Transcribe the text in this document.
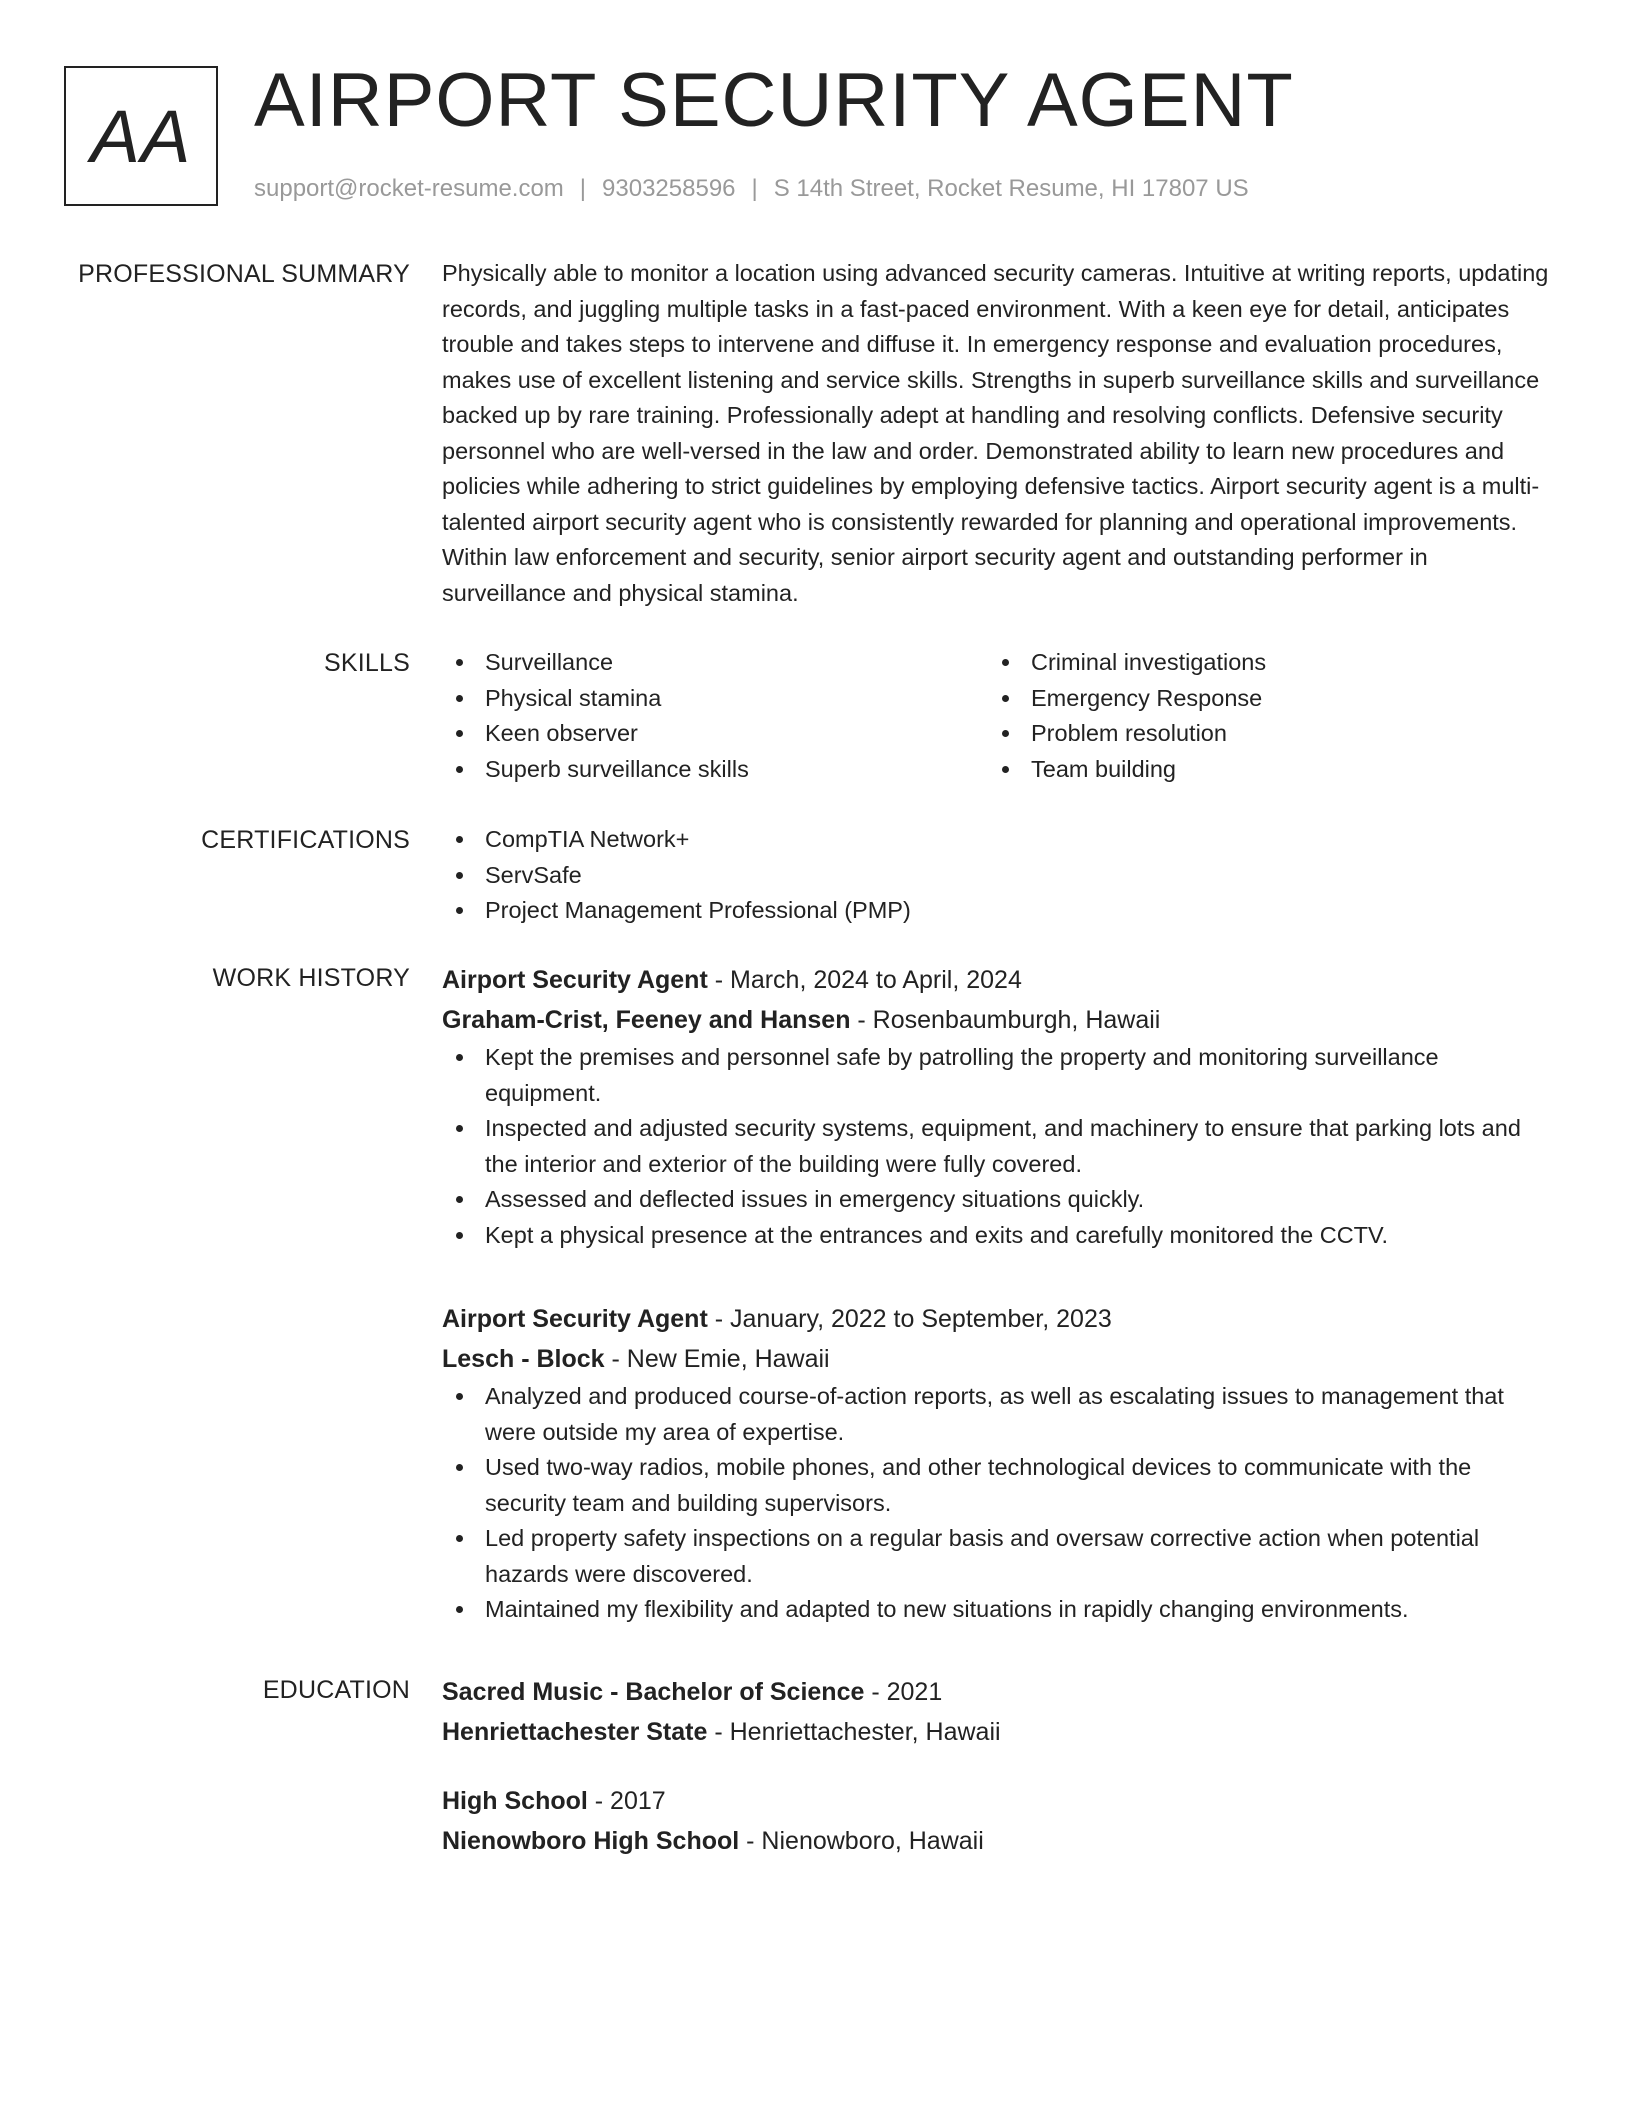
AA AIRPORT SECURITY AGENT
support@rocket-resume.com | 9303258596 | S 14th Street, Rocket Resume, HI 17807 US
PROFESSIONAL SUMMARY Physically able to monitor a location using advanced security cameras. Intuitive at writing reports, updating records, and juggling multiple tasks in a fast-paced environment. With a keen eye for detail, anticipates trouble and takes steps to intervene and diffuse it. In emergency response and evaluation procedures, makes use of excellent listening and service skills. Strengths in superb surveillance skills and surveillance backed up by rare training. Professionally adept at handling and resolving conflicts. Defensive security personnel who are well-versed in the law and order. Demonstrated ability to learn new procedures and policies while adhering to strict guidelines by employing defensive tactics. Airport security agent is a multi-talented airport security agent who is consistently rewarded for planning and operational improvements. Within law enforcement and security, senior airport security agent and outstanding performer in surveillance and physical stamina.

SKILLS	Surveillance
Physical stamina
Keen observer
Superb surveillance skills
Criminal investigations
Emergency Response
Problem resolution
Team building
CERTIFICATIONS	CompTIA Network+
ServSafe
Project Management Professional (PMP)
WORK HISTORY Airport Security Agent - March, 2024 to April, 2024
Graham-Crist, Feeney and Hansen - Rosenbaumburgh, Hawaii
Kept the premises and personnel safe by patrolling the property and monitoring surveillance equipment.
Inspected and adjusted security systems, equipment, and machinery to ensure that parking lots and the interior and exterior of the building were fully covered.
Assessed and deflected issues in emergency situations quickly.
Kept a physical presence at the entrances and exits and carefully monitored the CCTV.
Airport Security Agent - January, 2022 to September, 2023
Lesch - Block - New Emie, Hawaii
Analyzed and produced course-of-action reports, as well as escalating issues to management that were outside my area of expertise.
Used two-way radios, mobile phones, and other technological devices to communicate with the security team and building supervisors.
Led property safety inspections on a regular basis and oversaw corrective action when potential hazards were discovered.
Maintained my flexibility and adapted to new situations in rapidly changing environments.
EDUCATION Sacred Music - Bachelor of Science - 2021
Henriettachester State - Henriettachester, Hawaii
High School - 2017
Nienowboro High School - Nienowboro, Hawaii
